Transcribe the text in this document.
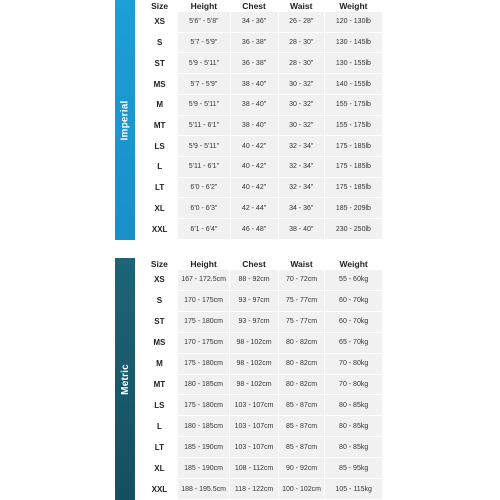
Imperial
Size	Height	Chest	Waist	Weight
XS	5'6" - 5'8"	34 - 36"	26 - 28"	120 - 130lb
S	5'7 - 5'9"	36 - 38"	28 - 30"	130 - 145lb
ST	5'9 - 5'11"	36 - 38"	28 - 30"	130 - 155lb
MS	5'7 - 5'9"	38 - 40"	30 - 32"	140 - 155lb
M	5'9 - 5'11"	38 - 40"	30 - 32"	155 - 175lb
MT	5'11 - 6'1"	38 - 40"	30 - 32"	155 - 175lb
LS	5'9 - 5'11"	40 - 42"	32 - 34"	175 - 185lb
L	5'11 - 6'1"	40 - 42"	32 - 34"	175 - 185lb
LT	6'0 - 6'2"	40 - 42"	32 - 34"	175 - 185lb
XL	6'0 - 6'3"	42 - 44"	34 - 36"	185 - 209lb
XXL	6'1 - 6'4"	46 - 48"	38 - 40"	230 - 250lb
Metric
Size	Height	Chest	Waist	Weight
XS	167 - 172.5cm	88 - 92cm	70 - 72cm	55 - 60kg
S	170 - 175cm	93 - 97cm	75 - 77cm	60 - 70kg
ST	175 - 180cm	93 - 97cm	75 - 77cm	60 - 70kg
MS	170 - 175cm	98 - 102cm	80 - 82cm	65 - 70kg
M	175 - 180cm	98 - 102cm	80 - 82cm	70 - 80kg
MT	180 - 185cm	98 - 102cm	80 - 82cm	70 - 80kg
LS	175 - 180cm	103 - 107cm	85 - 87cm	80 - 85kg
L	180 - 185cm	103 - 107cm	85 - 87cm	80 - 85kg
LT	185 - 190cm	103 - 107cm	85 - 87cm	80 - 85kg
XL	185 - 190cm	108 - 112cm	90 - 92cm	85 - 95kg
XXL	188 - 195.5cm	118 - 122cm	100 - 102cm	105 - 115kg
